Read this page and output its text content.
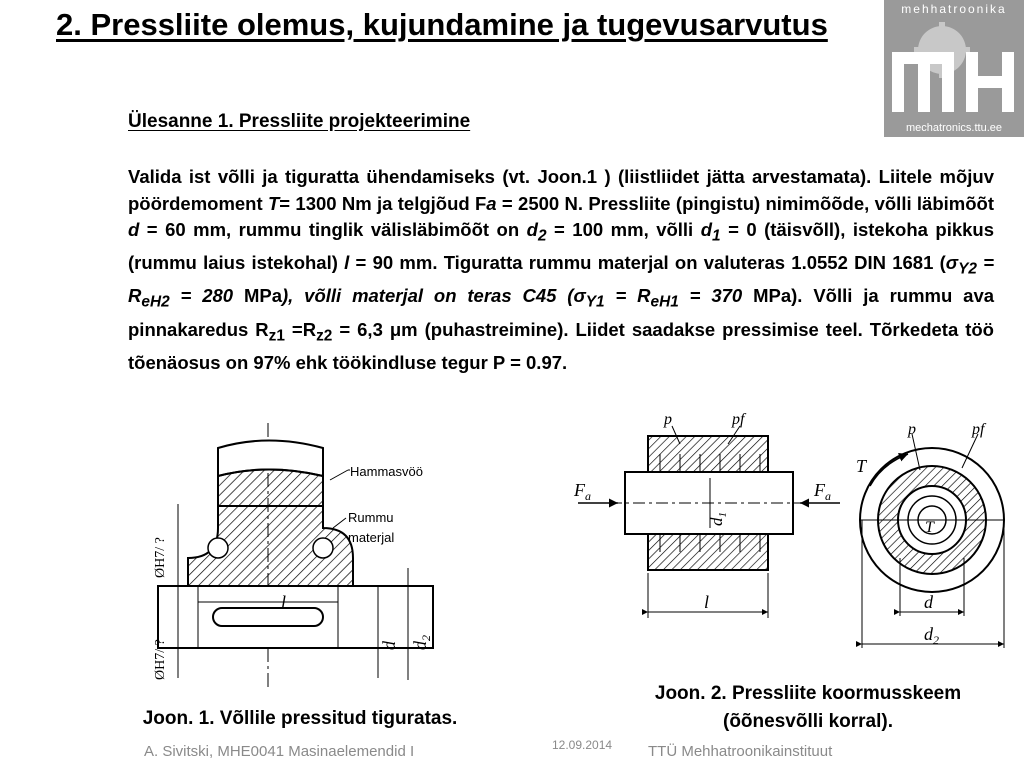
2. Pressliite olemus, kujundamine ja tugevusarvutus	mehhatroonika
mechatronics.ttu.ee
Ülesanne 1. Pressliite projekteerimine
Valida ist võlli ja tiguratta ühendamiseks (vt. Joon.1 ) (liistliidet jätta arvestamata). Liitele mõjuv pöördemoment T= 1300 Nm ja telgjõud Fa = 2500 N. Pressliite (pingistu) nimimõõde, võlli läbimõõt d = 60 mm, rummu tinglik välisläbimõõt on $d_2 = 100$ mm, võlli $d_1 = 0$ (täisvõll), istekoha pikkus (rummu laius istekohal) l = 90 mm. Tiguratta rummu materjal on valuteras 1.0552 DIN 1681 ($\sigma_{Y2} = R_{eH2} = 280$ MPa), võlli materjal on teras C45 ($\sigma_{Y1} = R_{eH1} = 370$ MPa). Võlli ja rummu ava pinnakaredus $R_{z1} =R_{z2} = 6,3$ μm (puhastreimine). Liidet saadakse pressimise teel. Tõrkedeta töö tõenäosus on 97% ehk töökindluse tegur P = 0.97.
Hammasvöö
Rummu
materjal
ØH7/ ?
ØH7/ ?
l
d $d_2$
Joon. 1. Võllile pressitud tiguratas.
p	pf
$F_a$	$F_a$
$d_1$
l
p	pf
T
T
d
$d_2$
Joon. 2. Pressliite koormusskeem
(õõnesvõlli korral).
A. Sivitski, MHE0041 Masinaelemendid I	12.09.2014 TTÜ Mehhatroonikainstituut
